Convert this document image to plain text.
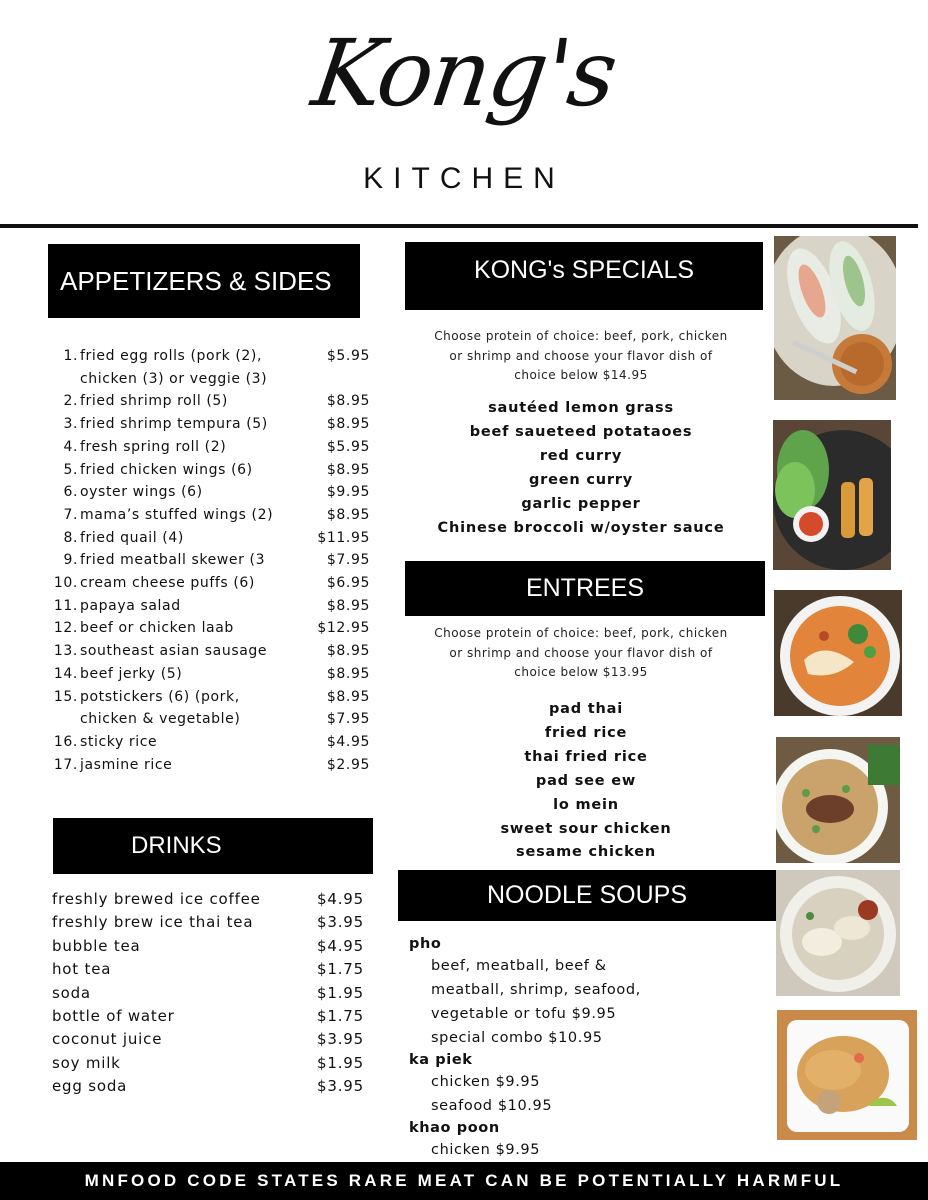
Kong's
KITCHEN
APPETIZERS & SIDES
1. fried egg rolls (pork (2),	$5.95
chicken (3) or veggie (3)
2. fried shrimp roll (5)	$8.95
3. fried shrimp tempura (5)	$8.95
4. fresh spring roll (2)	$5.95
5. fried chicken wings (6)	$8.95
6. oyster wings (6)	$9.95
7. mama’s stuffed wings (2)	$8.95
8. fried quail (4)	$11.95
9. fried meatball skewer (3	$7.95
10. cream cheese puffs (6)	$6.95
11. papaya salad	$8.95
12. beef or chicken laab	$12.95
13. southeast asian sausage	$8.95
14. beef jerky (5)	$8.95
15. potstickers (6) (pork,	$8.95
chicken & vegetable)	$7.95
16. sticky rice	$4.95
17. jasmine rice	$2.95
DRINKS
freshly brewed ice coffee	$4.95
freshly brew ice thai tea	$3.95
bubble tea	$4.95
hot tea	$1.75
soda	$1.95
bottle of water	$1.75
coconut juice	$3.95
soy milk	$1.95
egg soda	$3.95
KONG's SPECIALS
Choose protein of choice: beef, pork, chicken
or shrimp and choose your flavor dish of
choice below $14.95
sautéed lemon grass
beef saueteed potataoes
red curry
green curry
garlic pepper
Chinese broccoli w/oyster sauce
ENTREES
Choose protein of choice: beef, pork, chicken
or shrimp and choose your flavor dish of
choice below $13.95
pad thai
fried rice
thai fried rice
pad see ew
lo mein
sweet sour chicken
sesame chicken
NOODLE SOUPS
pho
beef, meatball, beef &
meatball, shrimp, seafood,
vegetable or tofu $9.95
special combo $10.95
ka piek
chicken $9.95
seafood $10.95
khao poon
chicken $9.95
MNFOOD CODE STATES RARE MEAT CAN BE POTENTIALLY HARMFUL
